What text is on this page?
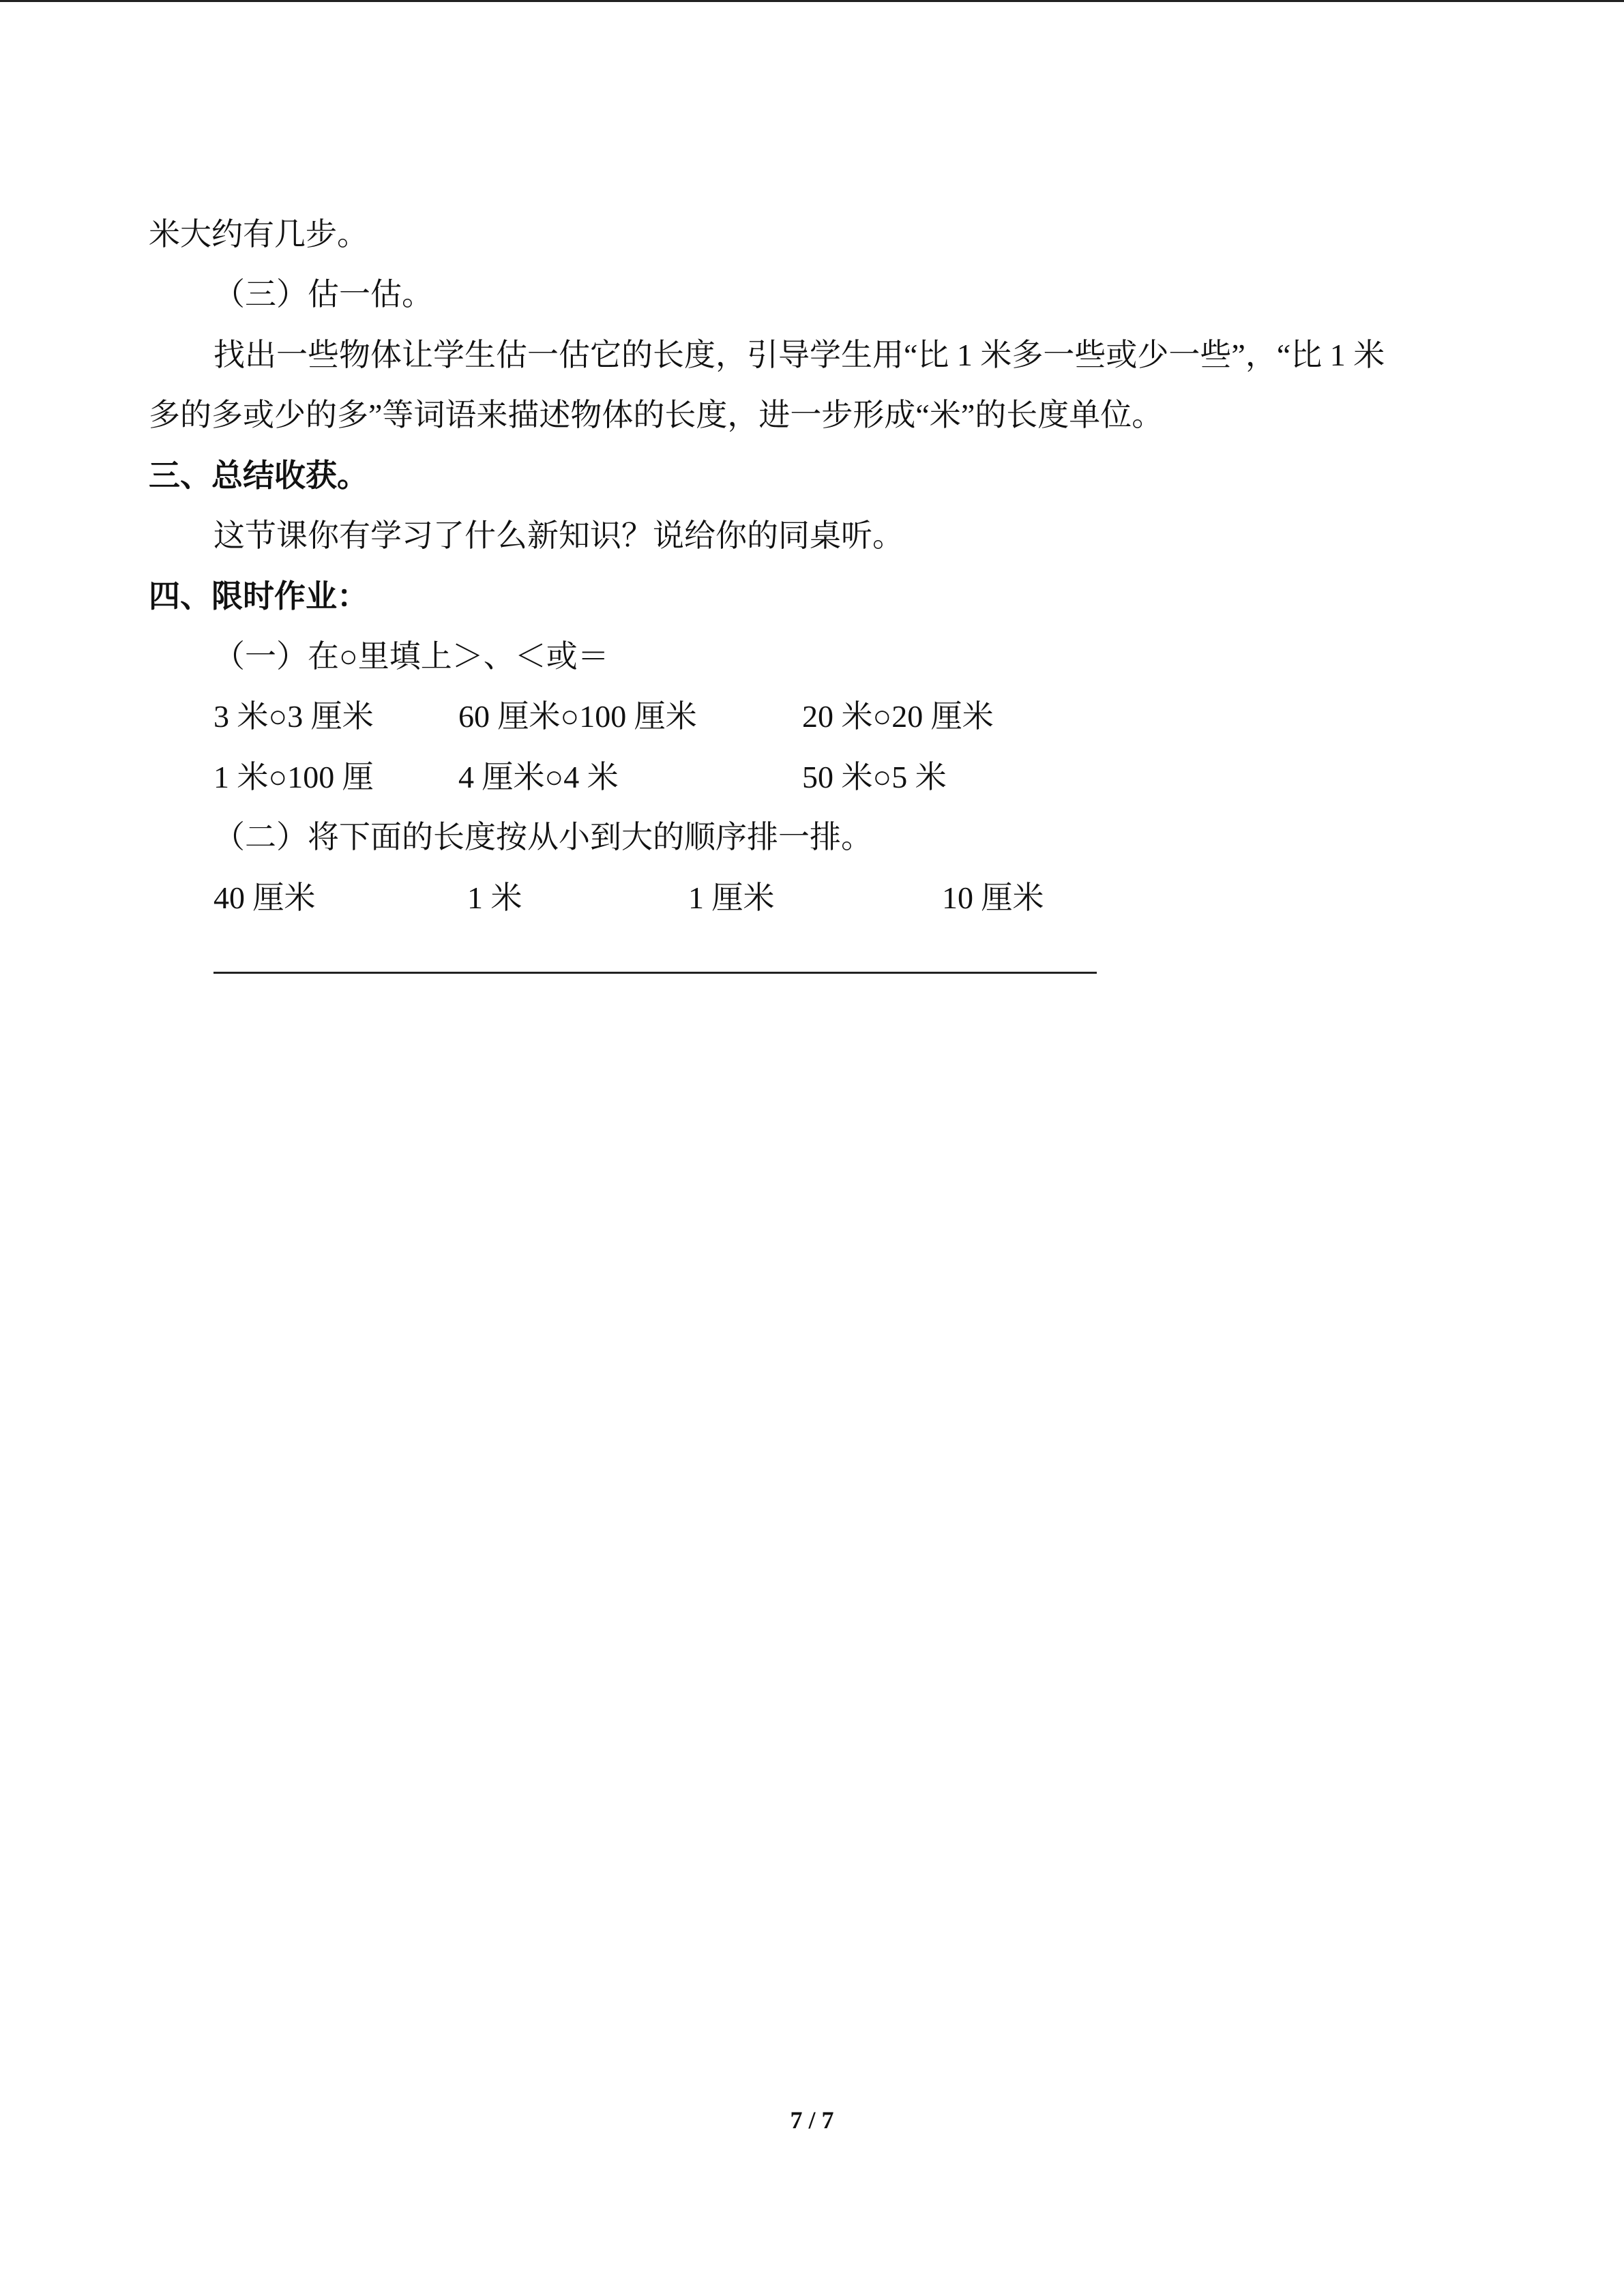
米大约有几步。
（三）估一估。
找出一些物体让学生估一估它的长度，引导学生用“比 1 米多一些或少一些”，“比 1 米
多的多或少的多”等词语来描述物体的长度，进一步形成“米”的长度单位。
三、总结收获。
这节课你有学习了什么新知识？说给你的同桌听。
四、限时作业：
（一）在○里填上＞、＜或＝
3 米○3 厘米	60 厘米○100 厘米	20 米○20 厘米
1 米○100 厘	4 厘米○4 米	50 米○5 米
（二）将下面的长度按从小到大的顺序排一排。
40 厘米	1 米	1 厘米	10 厘米
7 / 7
